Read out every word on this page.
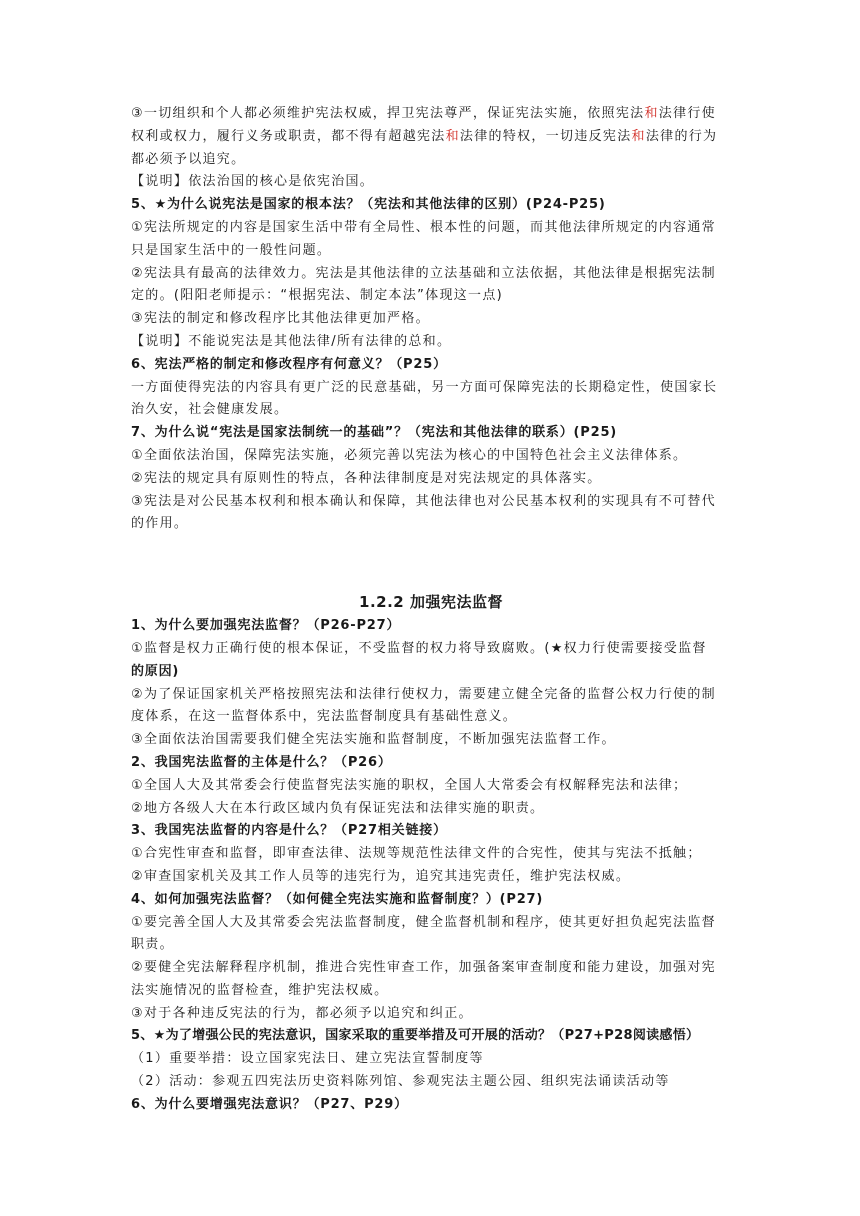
③一切组织和个人都必须维护宪法权威，捍卫宪法尊严，保证宪法实施，依照宪法和法律行使

权利或权力，履行义务或职责，都不得有超越宪法和法律的特权，一切违反宪法和法律的行为

都必须予以追究。

【说明】依法治国的核心是依宪治国。

5、★为什么说宪法是国家的根本法？（宪法和其他法律的区别）(P24-P25)

①宪法所规定的内容是国家生活中带有全局性、根本性的问题，而其他法律所规定的内容通常

只是国家生活中的一般性问题。

②宪法具有最高的法律效力。宪法是其他法律的立法基础和立法依据，其他法律是根据宪法制

定的。(阳阳老师提示：“根据宪法、制定本法”体现这一点)

③宪法的制定和修改程序比其他法律更加严格。

【说明】不能说宪法是其他法律/所有法律的总和。

6、宪法严格的制定和修改程序有何意义？（P25）

一方面使得宪法的内容具有更广泛的民意基础，另一方面可保障宪法的长期稳定性，使国家长

治久安，社会健康发展。

7、为什么说“宪法是国家法制统一的基础”？（宪法和其他法律的联系）(P25)

①全面依法治国，保障宪法实施，必须完善以宪法为核心的中国特色社会主义法律体系。

②宪法的规定具有原则性的特点，各种法律制度是对宪法规定的具体落实。

③宪法是对公民基本权利和根本确认和保障，其他法律也对公民基本权利的实现具有不可替代

的作用。

1.2.2 加强宪法监督

1、为什么要加强宪法监督？（P26-P27）

①监督是权力正确行使的根本保证，不受监督的权力将导致腐败。(★权力行使需要接受监督

的原因)

②为了保证国家机关严格按照宪法和法律行使权力，需要建立健全完备的监督公权力行使的制

度体系，在这一监督体系中，宪法监督制度具有基础性意义。

③全面依法治国需要我们健全宪法实施和监督制度，不断加强宪法监督工作。

2、我国宪法监督的主体是什么？（P26）

①全国人大及其常委会行使监督宪法实施的职权，全国人大常委会有权解释宪法和法律；

②地方各级人大在本行政区域内负有保证宪法和法律实施的职责。

3、我国宪法监督的内容是什么？（P27相关链接）

①合宪性审查和监督，即审查法律、法规等规范性法律文件的合宪性，使其与宪法不抵触；

②审查国家机关及其工作人员等的违宪行为，追究其违宪责任，维护宪法权威。

4、如何加强宪法监督？（如何健全宪法实施和监督制度？）(P27)

①要完善全国人大及其常委会宪法监督制度，健全监督机制和程序，使其更好担负起宪法监督

职责。

②要健全宪法解释程序机制，推进合宪性审查工作，加强备案审查制度和能力建设，加强对宪

法实施情况的监督检查，维护宪法权威。

③对于各种违反宪法的行为，都必须予以追究和纠正。

5、★为了增强公民的宪法意识，国家采取的重要举措及可开展的活动？（P27+P28阅读感悟）

（1）重要举措：设立国家宪法日、建立宪法宣誓制度等

（2）活动：参观五四宪法历史资料陈列馆、参观宪法主题公园、组织宪法诵读活动等

6、为什么要增强宪法意识？（P27、P29）
